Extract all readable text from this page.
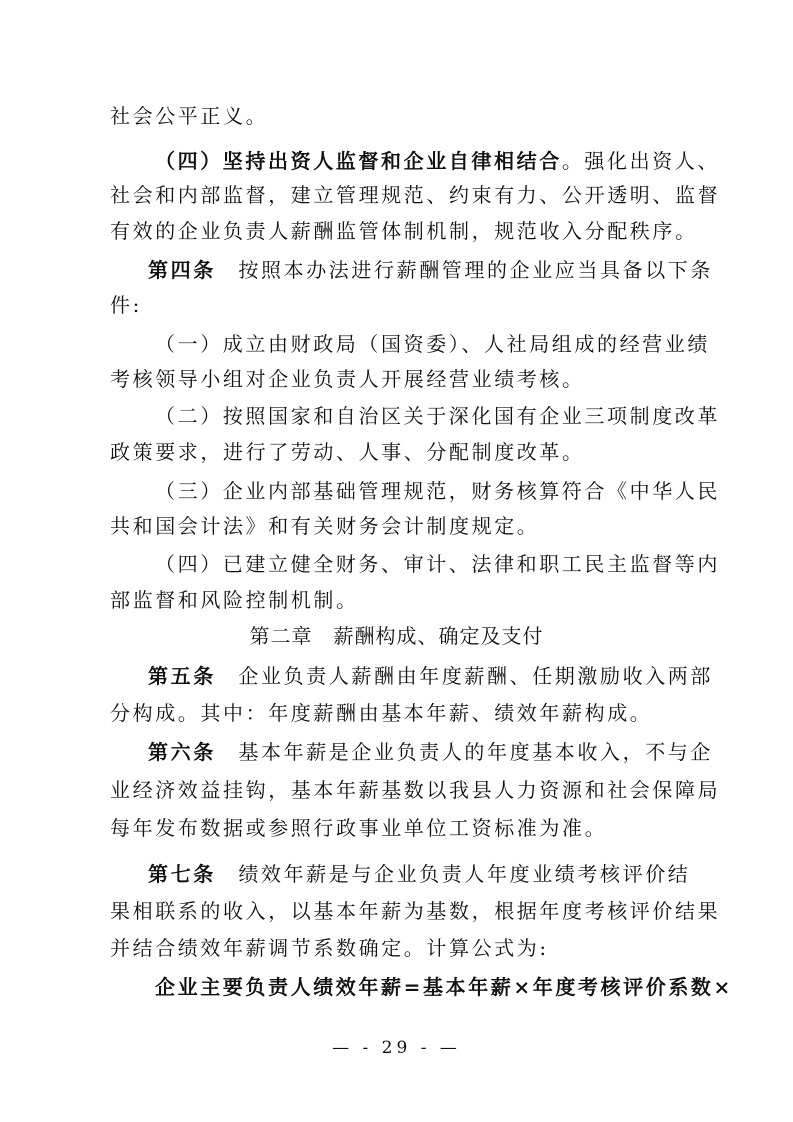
社会公平正义。
（四）坚持出资人监督和企业自律相结合。强化出资人、
社会和内部监督，建立管理规范、约束有力、公开透明、监督
有效的企业负责人薪酬监管体制机制，规范收入分配秩序。
第四条　按照本办法进行薪酬管理的企业应当具备以下条
件:
（一）成立由财政局（国资委）、人社局组成的经营业绩
考核领导小组对企业负责人开展经营业绩考核。
（二）按照国家和自治区关于深化国有企业三项制度改革
政策要求，进行了劳动、人事、分配制度改革。
（三）企业内部基础管理规范，财务核算符合《中华人民
共和国会计法》和有关财务会计制度规定。
（四）已建立健全财务、审计、法律和职工民主监督等内
部监督和风险控制机制。
第二章　薪酬构成、确定及支付
第五条　企业负责人薪酬由年度薪酬、任期激励收入两部
分构成。其中：年度薪酬由基本年薪、绩效年薪构成。
第六条　基本年薪是企业负责人的年度基本收入，不与企
业经济效益挂钩，基本年薪基数以我县人力资源和社会保障局
每年发布数据或参照行政事业单位工资标准为准。
第七条　绩效年薪是与企业负责人年度业绩考核评价结
果相联系的收入，以基本年薪为基数，根据年度考核评价结果
并结合绩效年薪调节系数确定。计算公式为:
企业主要负责人绩效年薪=基本年薪×年度考核评价系数×
— - 29 - —
